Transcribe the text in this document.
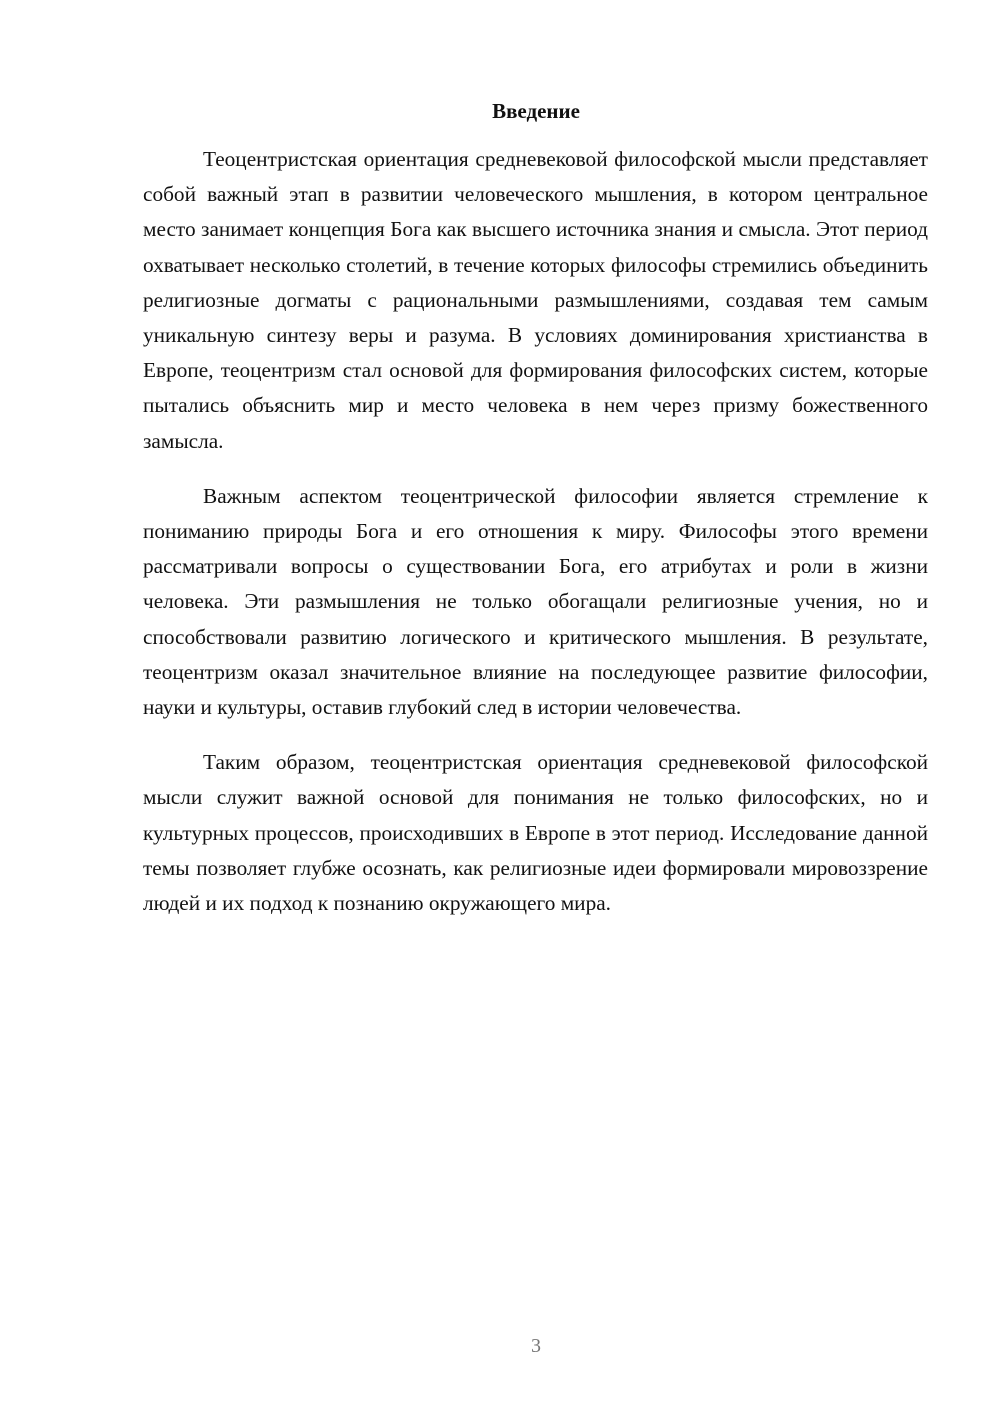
Введение

Теоцентристская ориентация средневековой философской мысли представляет собой важный этап в развитии человеческого мышления, в котором центральное место занимает концепция Бога как высшего источника знания и смысла. Этот период охватывает несколько столетий, в течение которых философы стремились объединить религиозные догматы с рациональными размышлениями, создавая тем самым уникальную синтезу веры и разума. В условиях доминирования христианства в Европе, теоцентризм стал основой для формирования философских систем, которые пытались объяснить мир и место человека в нем через призму божественного замысла.

Важным аспектом теоцентрической философии является стремление к пониманию природы Бога и его отношения к миру. Философы этого времени рассматривали вопросы о существовании Бога, его атрибутах и роли в жизни человека. Эти размышления не только обогащали религиозные учения, но и способствовали развитию логического и критического мышления. В результате, теоцентризм оказал значительное влияние на последующее развитие философии, науки и культуры, оставив глубокий след в истории человечества.

Таким образом, теоцентристская ориентация средневековой философской мысли служит важной основой для понимания не только философских, но и культурных процессов, происходивших в Европе в этот период. Исследование данной темы позволяет глубже осознать, как религиозные идеи формировали мировоззрение людей и их подход к познанию окружающего мира.

3
